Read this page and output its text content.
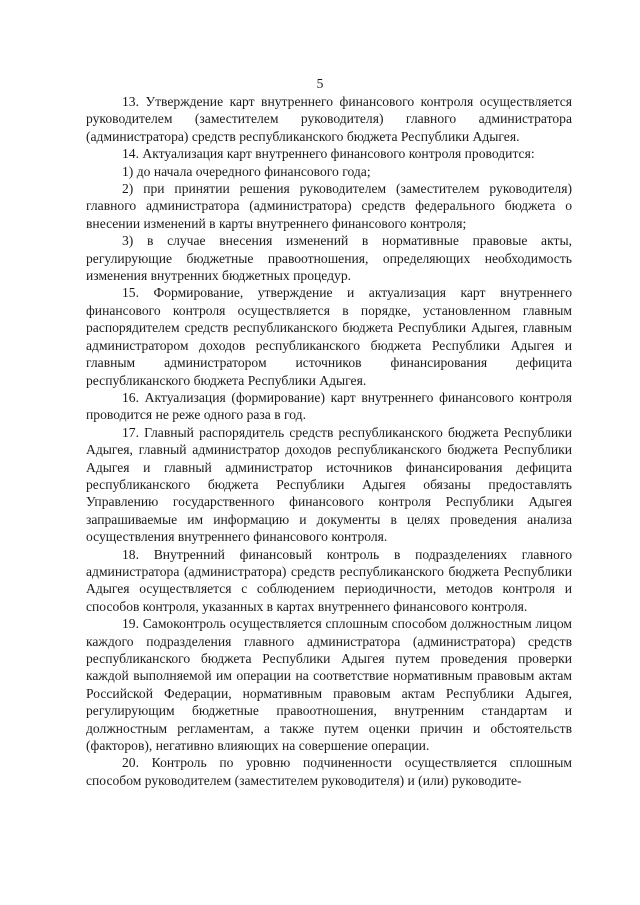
5

13. Утверждение карт внутреннего финансового контроля осуществляется руководителем (заместителем руководителя) главного администратора (администратора) средств республиканского бюджета Республики Адыгея.

14. Актуализация карт внутреннего финансового контроля проводится:

1) до начала очередного финансового года;

2) при принятии решения руководителем (заместителем руководителя) главного администратора (администратора) средств федерального бюджета о внесении изменений в карты внутреннего финансового контроля;

3) в случае внесения изменений в нормативные правовые акты, регулирующие бюджетные правоотношения, определяющих необходимость изменения внутренних бюджетных процедур.

15. Формирование, утверждение и актуализация карт внутреннего финансового контроля осуществляется в порядке, установленном главным распорядителем средств республиканского бюджета Республики Адыгея, главным администратором доходов республиканского бюджета Республики Адыгея и главным администратором источников финансирования дефицита республиканского бюджета Республики Адыгея.

16. Актуализация (формирование) карт внутреннего финансового контроля проводится не реже одного раза в год.

17. Главный распорядитель средств республиканского бюджета Республики Адыгея, главный администратор доходов республиканского бюджета Республики Адыгея и главный администратор источников финансирования дефицита республиканского бюджета Республики Адыгея обязаны предоставлять Управлению государственного финансового контроля Республики Адыгея запрашиваемые им информацию и документы в целях проведения анализа осуществления внутреннего финансового контроля.

18. Внутренний финансовый контроль в подразделениях главного администратора (администратора) средств республиканского бюджета Республики Адыгея осуществляется с соблюдением периодичности, методов контроля и способов контроля, указанных в картах внутреннего финансового контроля.

19. Самоконтроль осуществляется сплошным способом должностным лицом каждого подразделения главного администратора (администратора) средств республиканского бюджета Республики Адыгея путем проведения проверки каждой выполняемой им операции на соответствие нормативным правовым актам Российской Федерации, нормативным правовым актам Республики Адыгея, регулирующим бюджетные правоотношения, внутренним стандартам и должностным регламентам, а также путем оценки причин и обстоятельств (факторов), негативно влияющих на совершение операции.

20. Контроль по уровню подчиненности осуществляется сплошным способом руководителем (заместителем руководителя) и (или) руководите-
